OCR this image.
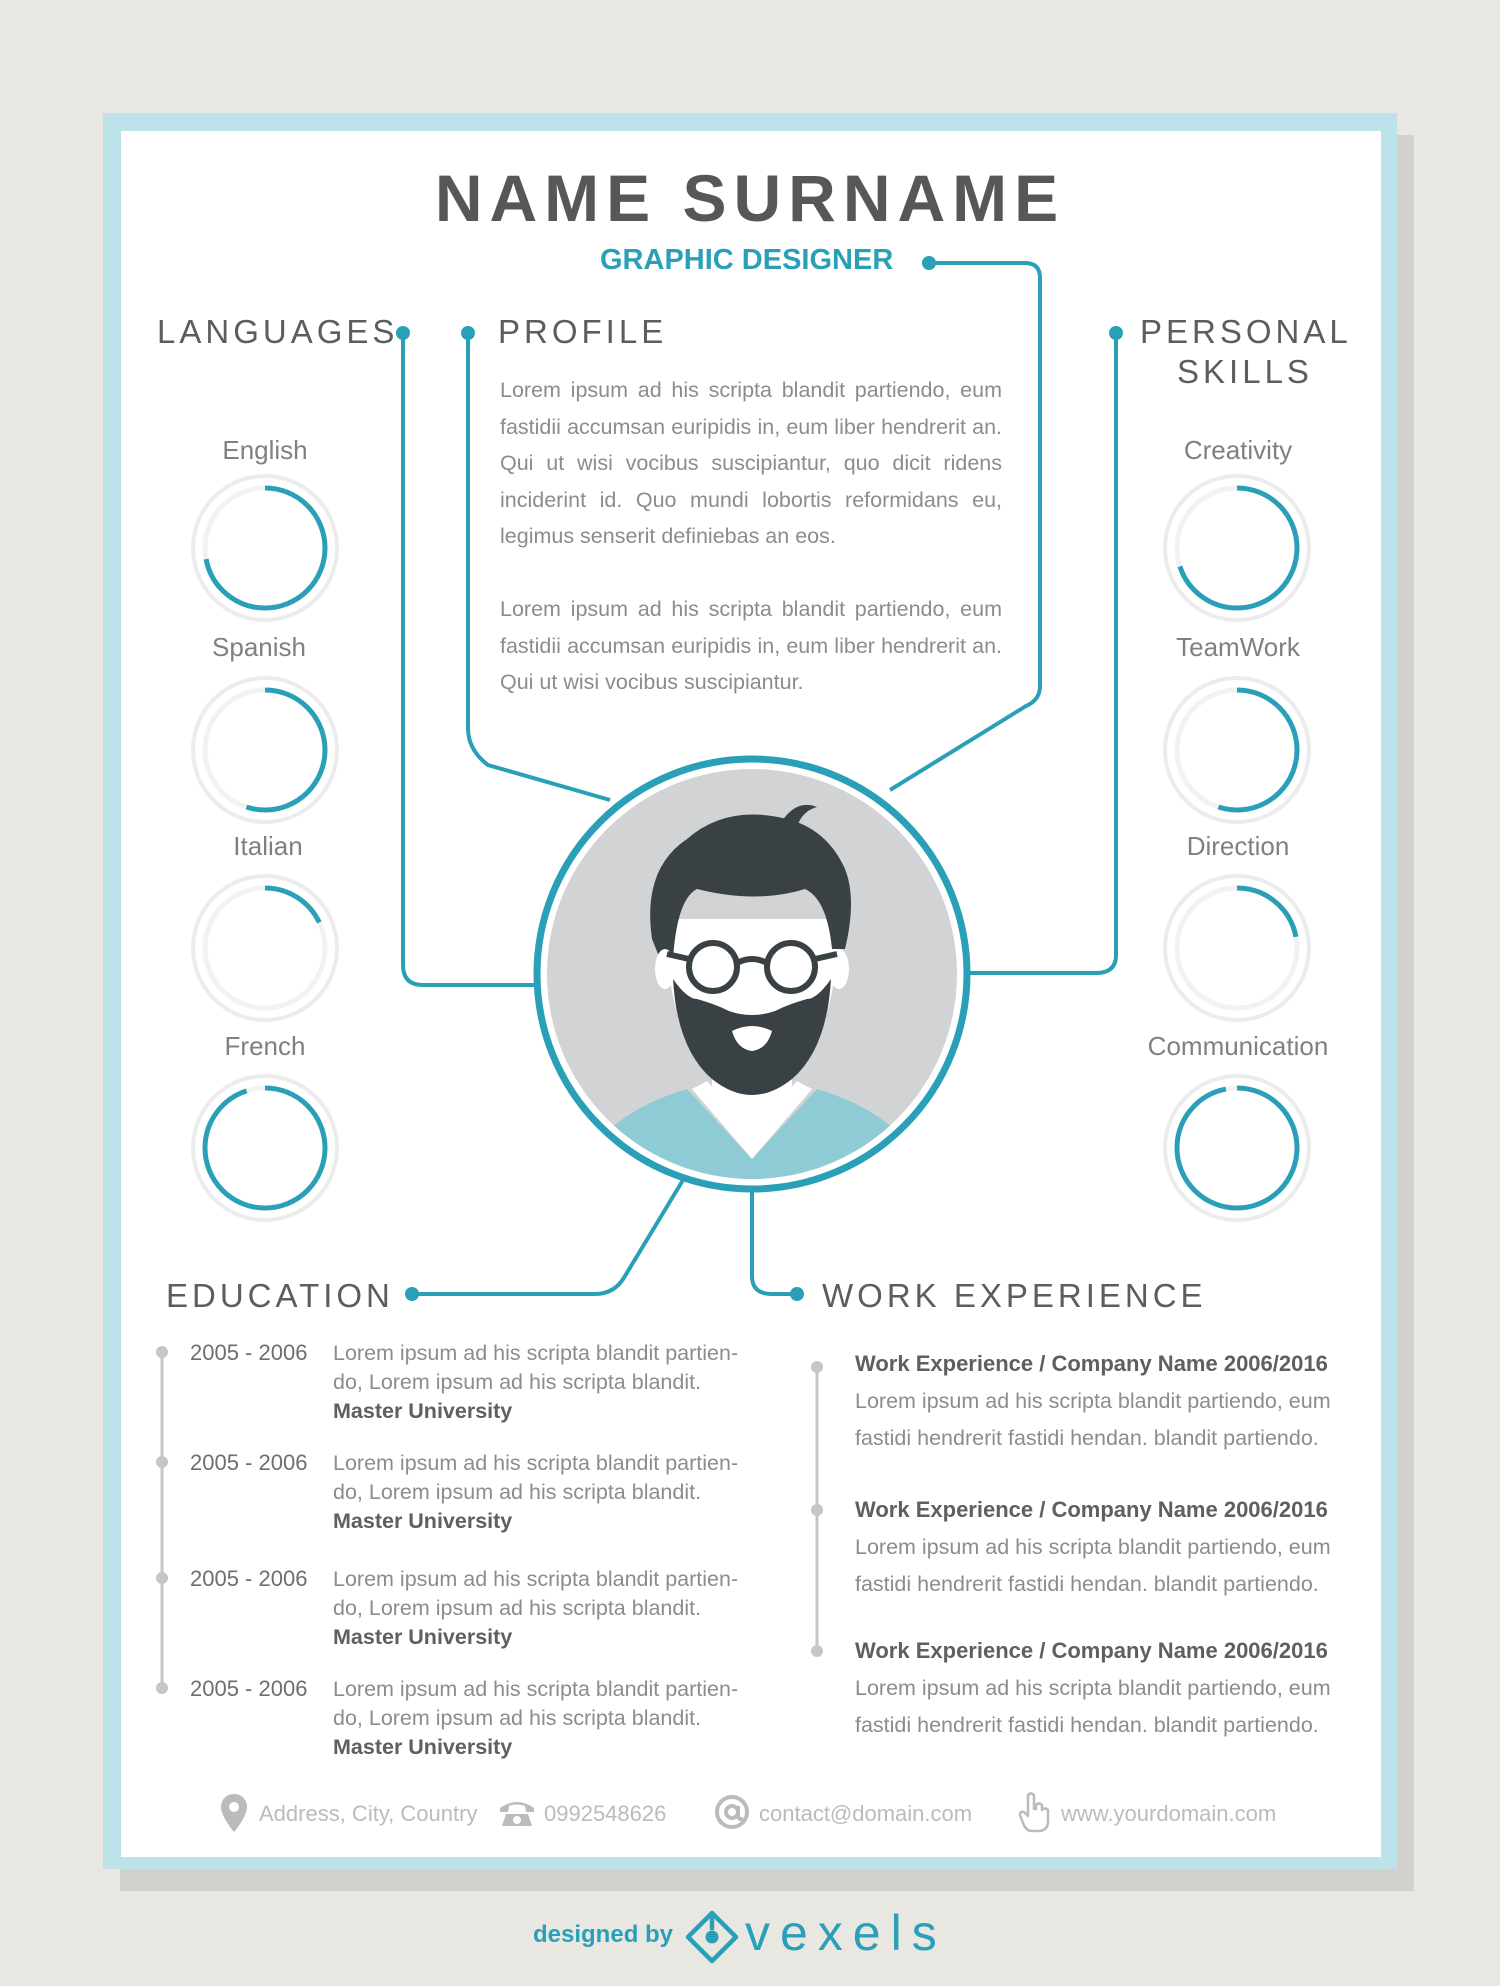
NAME SURNAME
GRAPHIC DESIGNER
LANGUAGES	PROFILE	PERSONAL
SKILLS
EDUCATION	WORK EXPERIENCE
Lorem ipsum ad his scripta blandit partiendo, eum fastidii accumsan euripidis in, eum liber hendrerit an. Qui ut wisi vocibus suscipiantur, quo dicit ridens inciderint id. Quo mundi lobortis reformidans eu, legimus senserit definiebas an eos.
Lorem ipsum ad his scripta blandit partiendo, eum fastidii accumsan euripidis in, eum liber hendrerit an. Qui ut wisi vocibus suscipiantur.
English
Spanish
Italian
French
Creativity
TeamWork
Direction
Communication
2005 - 2006 Lorem ipsum ad his scripta blandit partien-
do, Lorem ipsum ad his scripta blandit.
Master University
2005 - 2006 Lorem ipsum ad his scripta blandit partien-
do, Lorem ipsum ad his scripta blandit.
Master University
2005 - 2006 Lorem ipsum ad his scripta blandit partien-
do, Lorem ipsum ad his scripta blandit.
Master University
2005 - 2006 Lorem ipsum ad his scripta blandit partien-
do, Lorem ipsum ad his scripta blandit.
Master University
Work Experience / Company Name 2006/2016
Lorem ipsum ad his scripta blandit partiendo, eum
fastidi hendrerit fastidi hendan. blandit partiendo.
Work Experience / Company Name 2006/2016
Lorem ipsum ad his scripta blandit partiendo, eum
fastidi hendrerit fastidi hendan. blandit partiendo.
Work Experience / Company Name 2006/2016
Lorem ipsum ad his scripta blandit partiendo, eum
fastidi hendrerit fastidi hendan. blandit partiendo.
Address, City, Country	0992548626	contact@domain.com	www.yourdomain.com
designed by vexels
